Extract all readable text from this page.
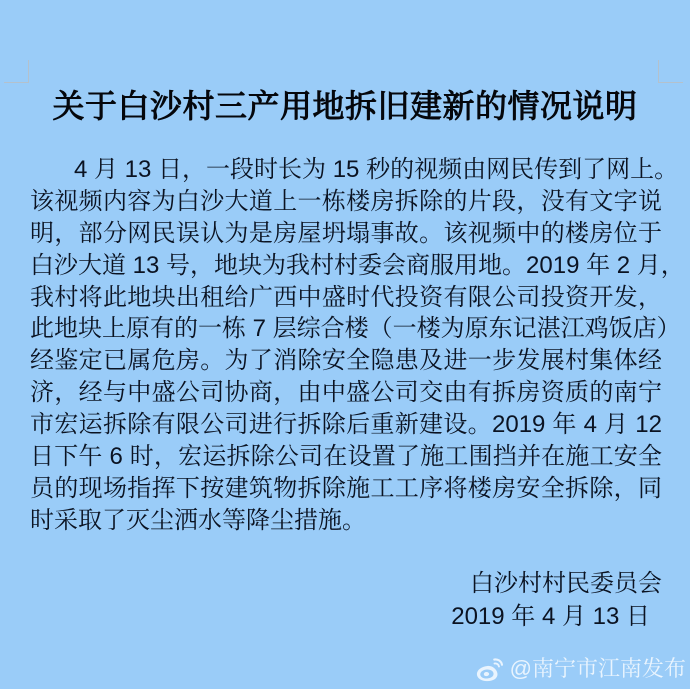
关于白沙村三产用地拆旧建新的情况说明
4 月 13 日，一段时长为 15 秒的视频由网民传到了网上。
该视频内容为白沙大道上一栋楼房拆除的片段，没有文字说
明，部分网民误认为是房屋坍塌事故。该视频中的楼房位于
白沙大道 13 号，地块为我村村委会商服用地。2019 年 2 月，
我村将此地块出租给广西中盛时代投资有限公司投资开发，
此地块上原有的一栋 7 层综合楼（一楼为原东记湛江鸡饭店）
经鉴定已属危房。为了消除安全隐患及进一步发展村集体经
济，经与中盛公司协商，由中盛公司交由有拆房资质的南宁
市宏运拆除有限公司进行拆除后重新建设。2019 年 4 月 12
日下午 6 时，宏运拆除公司在设置了施工围挡并在施工安全
员的现场指挥下按建筑物拆除施工工序将楼房安全拆除，同
时采取了灭尘洒水等降尘措施。
白沙村村民委员会
2019 年 4 月 13 日
@南宁市江南发布
